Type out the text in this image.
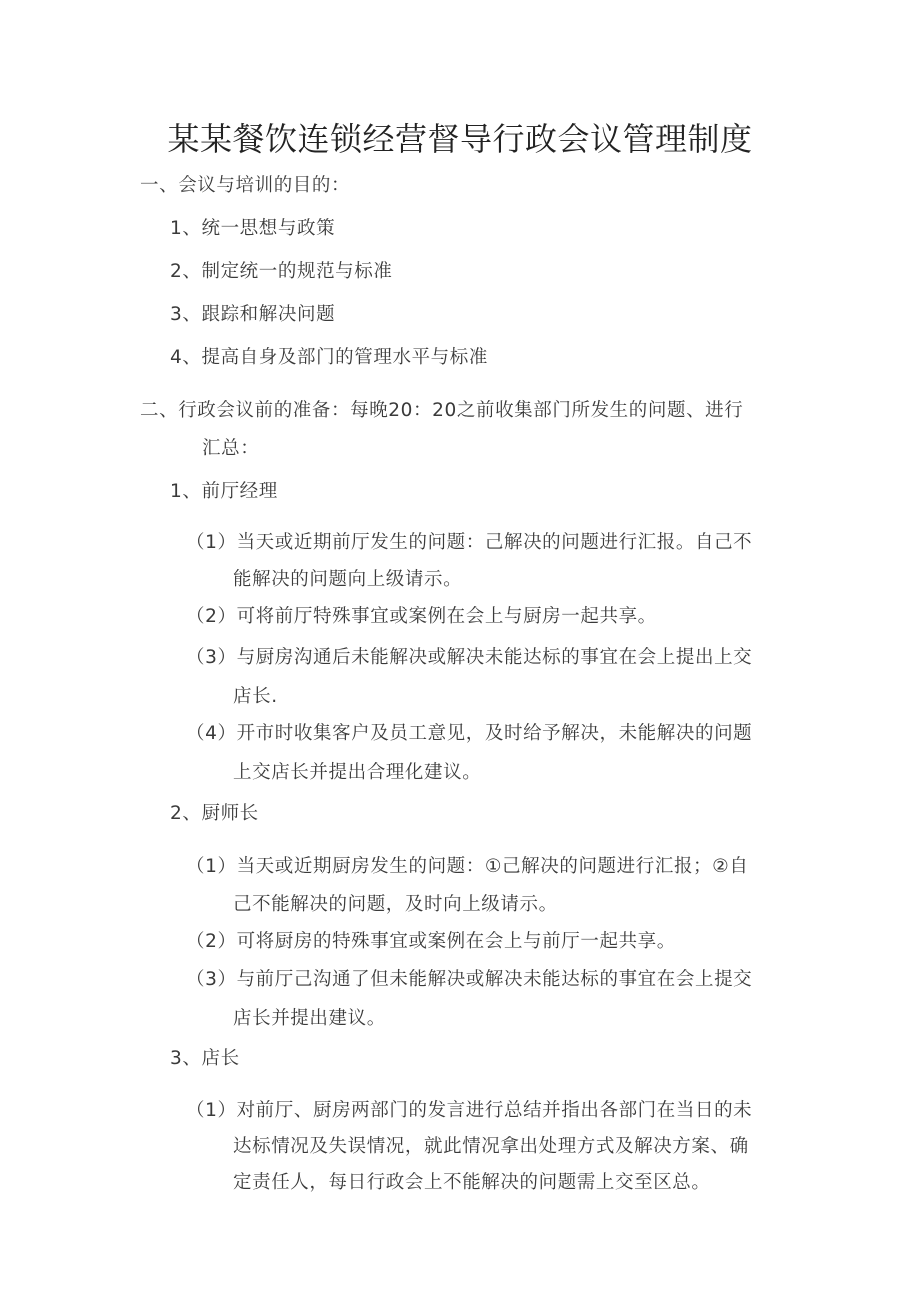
某某餐饮连锁经营督导行政会议管理制度
一、会议与培训的目的：
1、统一思想与政策
2、制定统一的规范与标准
3、跟踪和解决问题
4、提高自身及部门的管理水平与标准
二、行政会议前的准备：每晚20：20之前收集部门所发生的问题、进行
汇总：
1、前厅经理
（1）当天或近期前厅发生的问题：己解决的问题进行汇报。自己不
能解决的问题向上级请示。
（2）可将前厅特殊事宜或案例在会上与厨房一起共享。
（3）与厨房沟通后未能解决或解决未能达标的事宜在会上提出上交
店长.
（4）开市时收集客户及员工意见，及时给予解决，未能解决的问题
上交店长并提出合理化建议。
2、厨师长
（1）当天或近期厨房发生的问题：①己解决的问题进行汇报；②自
己不能解决的问题，及时向上级请示。
（2）可将厨房的特殊事宜或案例在会上与前厅一起共享。
（3）与前厅己沟通了但未能解决或解决未能达标的事宜在会上提交
店长并提出建议。
3、店长
（1）对前厅、厨房两部门的发言进行总结并指出各部门在当日的未
达标情况及失误情况，就此情况拿出处理方式及解决方案、确
定责任人，每日行政会上不能解决的问题需上交至区总。
